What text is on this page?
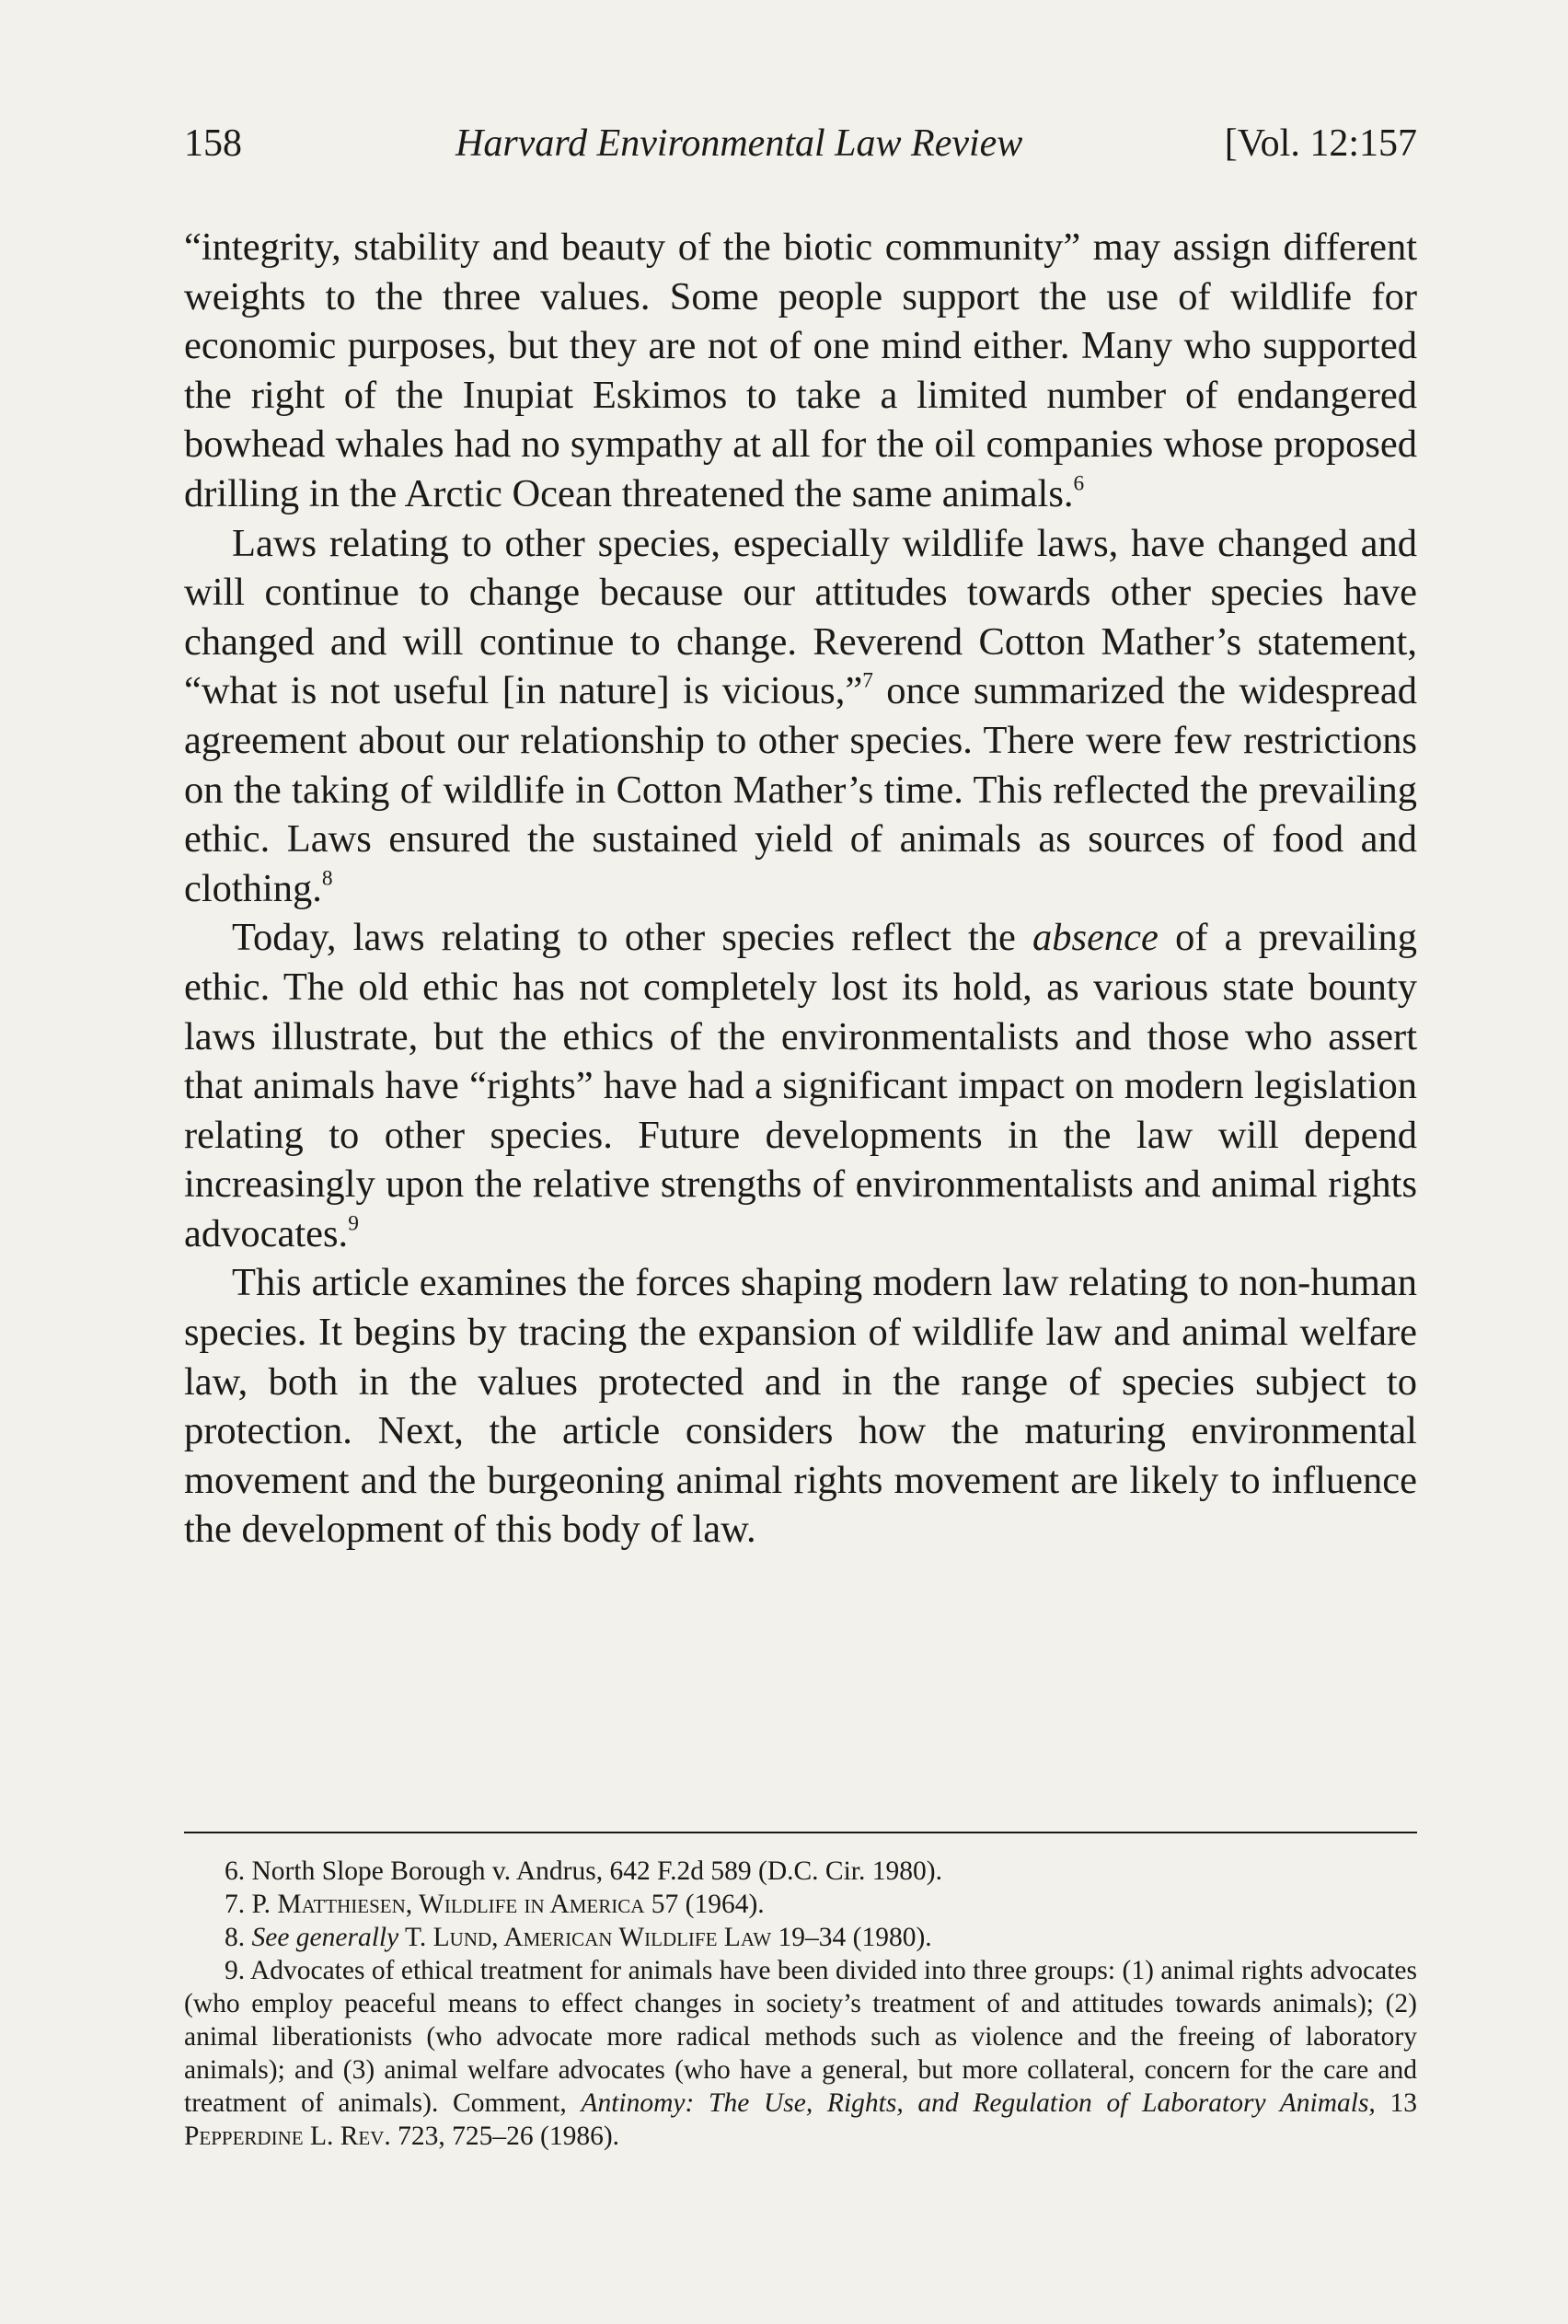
158	Harvard Environmental Law Review	[Vol. 12:157

“integrity, stability and beauty of the biotic community” may assign different weights to the three values. Some people support the use of wildlife for economic purposes, but they are not of one mind either. Many who supported the right of the Inupiat Eskimos to take a limited number of endangered bowhead whales had no sympathy at all for the oil companies whose proposed drilling in the Arctic Ocean threatened the same animals.$^6$

Laws relating to other species, especially wildlife laws, have changed and will continue to change because our attitudes towards other species have changed and will continue to change. Reverend Cotton Mather’s statement, “what is not useful [in nature] is vicious,”$^7$ once summarized the widespread agreement about our relationship to other species. There were few restrictions on the taking of wildlife in Cotton Mather’s time. This reflected the prevailing ethic. Laws ensured the sustained yield of animals as sources of food and clothing.$^8$

Today, laws relating to other species reflect the absence of a prevailing ethic. The old ethic has not completely lost its hold, as various state bounty laws illustrate, but the ethics of the environmentalists and those who assert that animals have “rights” have had a significant impact on modern legislation relating to other species. Future developments in the law will depend increasingly upon the relative strengths of environmentalists and animal rights advocates.$^9$

This article examines the forces shaping modern law relating to non-human species. It begins by tracing the expansion of wildlife law and animal welfare law, both in the values protected and in the range of species subject to protection. Next, the article considers how the maturing environmental movement and the burgeoning animal rights movement are likely to influence the development of this body of law.

6. North Slope Borough v. Andrus, 642 F.2d 589 (D.C. Cir. 1980).

7. P. Matthiesen, Wildlife in America 57 (1964).

8. See generally T. Lund, American Wildlife Law 19–34 (1980).

9. Advocates of ethical treatment for animals have been divided into three groups: (1) animal rights advocates (who employ peaceful means to effect changes in society’s treatment of and attitudes towards animals); (2) animal liberationists (who advocate more radical methods such as violence and the freeing of laboratory animals); and (3) animal welfare advocates (who have a general, but more collateral, concern for the care and treatment of animals). Comment, Antinomy: The Use, Rights, and Regulation of Laboratory Animals, 13 Pepperdine L. Rev. 723, 725–26 (1986).
